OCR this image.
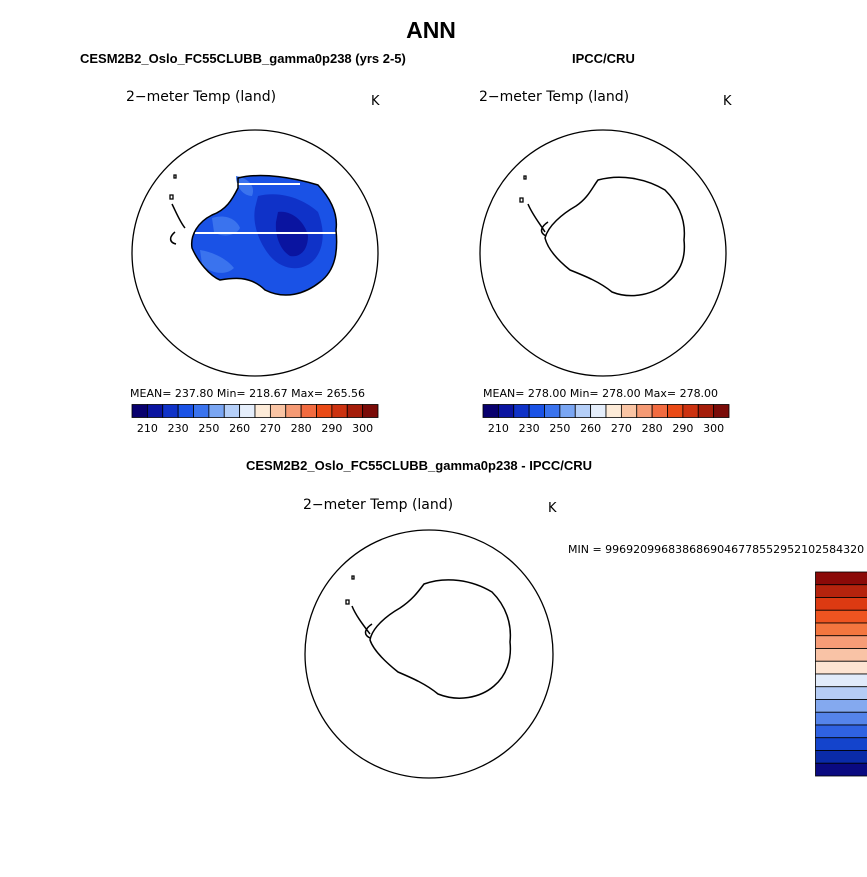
ANN
CESM2B2_Oslo_FC55CLUBB_gamma0p238 (yrs 2-5)	IPCC/CRU
2−meter Temp (land)	K	2−meter Temp (land)	K
MEAN= 237.80 Min= 218.67 Max= 265.56	MEAN= 278.00 Min= 278.00 Max= 278.00
210 230 250 260 270 280 290 300	210 230 250 260 270 280 290 300
CESM2B2_Oslo_FC55CLUBB_gamma0p238 - IPCC/CRU
2−meter Temp (land)	K
MIN = 9969209968386869046778552952102584320
